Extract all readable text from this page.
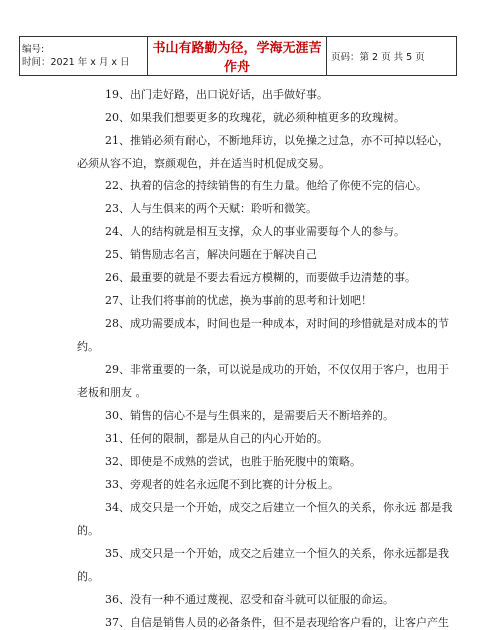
编号:
时间：2021 年 x 月 x 日
	书山有路勤为径，学海无涯苦作舟	页码：第 2 页 共 5 页
19、出门走好路，出口说好话，出手做好事。
20、如果我们想要更多的玫瑰花，就必须种植更多的玫瑰树。
21、推销必须有耐心，不断地拜访，以免操之过急，亦不可掉以轻心，
必须从容不迫，察颜观色，并在适当时机促成交易。
22、执着的信念的持续销售的有生力量。他给了你使不完的信心。
23、人与生俱来的两个天赋：聆听和微笑。
24、人的结构就是相互支撑，众人的事业需要每个人的参与。
25、销售励志名言，解决问题在于解决自己
26、最重要的就是不要去看远方模糊的，而要做手边清楚的事。
27、让我们将事前的忧虑，换为事前的思考和计划吧！
28、成功需要成本，时间也是一种成本，对时间的珍惜就是对成本的节
约。
29、非常重要的一条，可以说是成功的开始，不仅仅用于客户，也用于
老板和朋友 。
30、销售的信心不是与生俱来的，是需要后天不断培养的。
31、任何的限制，都是从自己的内心开始的。
32、即使是不成熟的尝试，也胜于胎死腹中的策略。
33、旁观者的姓名永远爬不到比赛的计分板上。
34、成交只是一个开始，成交之后建立一个恒久的关系，你永远 都是我
的。
35、成交只是一个开始，成交之后建立一个恒久的关系，你永远都是我
的。
36、没有一种不通过蔑视、忍受和奋斗就可以征服的命运。
37、自信是销售人员的必备条件，但不是表现给客户看的，让客户产生
